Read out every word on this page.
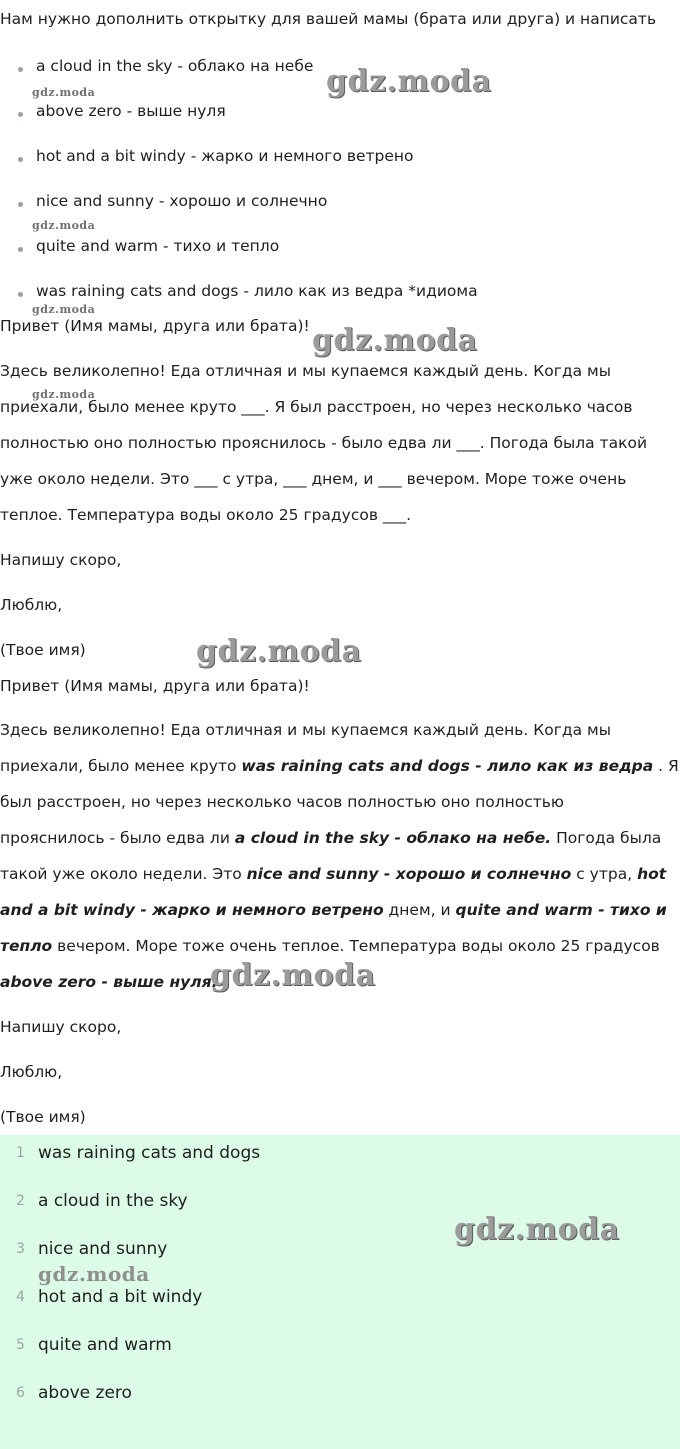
Нам нужно дополнить открытку для вашей мамы (брата или друга) и написать
a cloud in the sky - облако на небе
above zero - выше нуля
hot and a bit windy - жарко и немного ветрено
nice and sunny - хорошо и солнечно
quite and warm - тихо и тепло
was raining cats and dogs - лило как из ведра *идиома
Привет (Имя мамы, друга или брата)!
Здесь великолепно! Еда отличная и мы купаемся каждый день. Когда мы
приехали, было менее круто ___. Я был расстроен, но через несколько часов
полностью оно полностью прояснилось - было едва ли ___. Погода была такой
уже около недели. Это ___ с утра, ___ днем, и ___ вечером. Море тоже очень
теплое. Температура воды около 25 градусов ___.
Напишу скоро,
Люблю,
(Твое имя)
Привет (Имя мамы, друга или брата)!
Здесь великолепно! Еда отличная и мы купаемся каждый день. Когда мы
приехали, было менее круто was raining cats and dogs - лило как из ведра . Я
был расстроен, но через несколько часов полностью оно полностью
прояснилось - было едва ли a cloud in the sky - облако на небе. Погода была
такой уже около недели. Это nice and sunny - хорошо и солнечно с утра, hot
and a bit windy - жарко и немного ветрено днем, и quite and warm - тихо и
тепло вечером. Море тоже очень теплое. Температура воды около 25 градусов
above zero - выше нуля.
Напишу скоро,
Люблю,
(Твое имя)
1 was raining cats and dogs
2 a cloud in the sky
3 nice and sunny
4 hot and a bit windy
5 quite and warm
6 above zero
gdz.moda
gdz.moda
gdz.moda
gdz.moda
gdz.moda
gdz.moda
gdz.moda
gdz.moda
gdz.moda
gdz.moda
